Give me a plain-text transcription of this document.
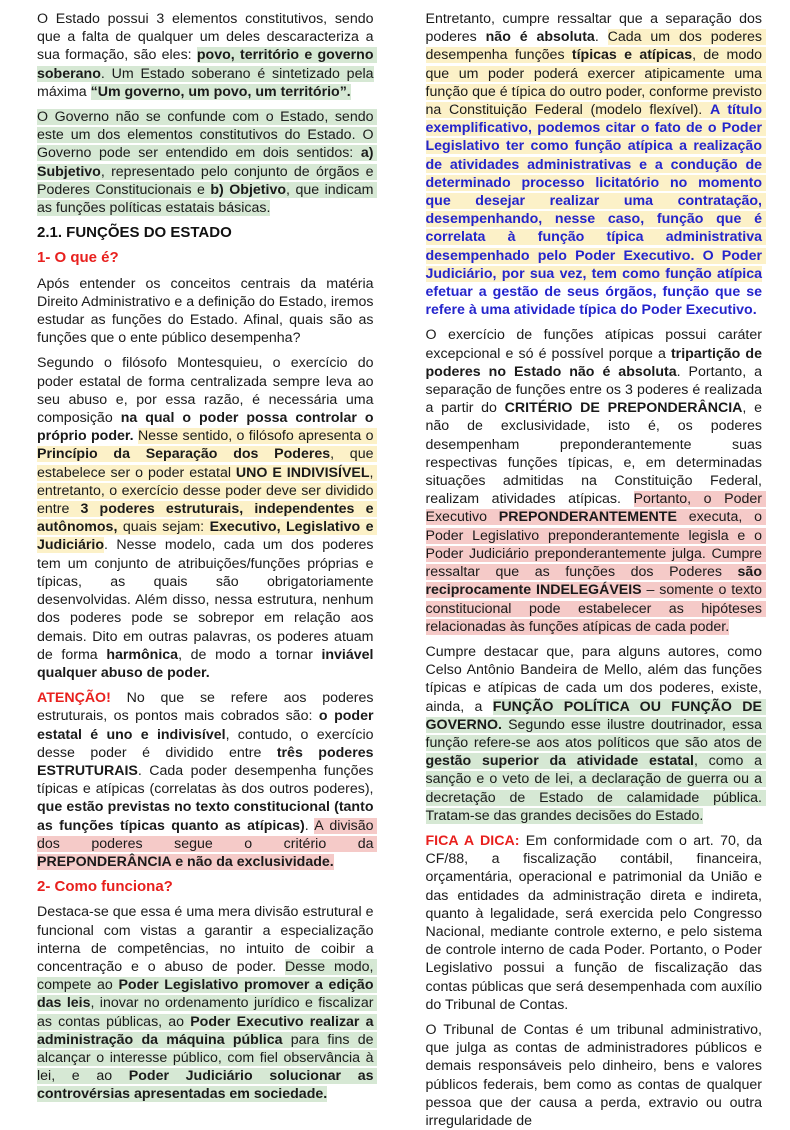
O Estado possui 3 elementos constitutivos, sendo que a falta de qualquer um deles descaracteriza a sua formação, são eles: povo, território e governo soberano. Um Estado soberano é sintetizado pela máxima “Um governo, um povo, um território”.

O Governo não se confunde com o Estado, sendo este um dos elementos constitutivos do Estado. O Governo pode ser entendido em dois sentidos: a) Subjetivo, representado pelo conjunto de órgãos e Poderes Constitucionais e b) Objetivo, que indicam as funções políticas estatais básicas.

2.1. FUNÇÕES DO ESTADO
1- O que é?

Após entender os conceitos centrais da matéria Direito Administrativo e a definição do Estado, iremos estudar as funções do Estado. Afinal, quais são as funções que o ente público desempenha?

Segundo o filósofo Montesquieu, o exercício do poder estatal de forma centralizada sempre leva ao seu abuso e, por essa razão, é necessária uma composição na qual o poder possa controlar o próprio poder. Nesse sentido, o filósofo apresenta o Princípio da Separação dos Poderes, que estabelece ser o poder estatal UNO E INDIVISÍVEL, entretanto, o exercício desse poder deve ser dividido entre 3 poderes estruturais, independentes e autônomos, quais sejam: Executivo, Legislativo e Judiciário. Nesse modelo, cada um dos poderes tem um conjunto de atribuições/funções próprias e típicas, as quais são obrigatoriamente desenvolvidas. Além disso, nessa estrutura, nenhum dos poderes pode se sobrepor em relação aos demais. Dito em outras palavras, os poderes atuam de forma harmônica, de modo a tornar inviável qualquer abuso de poder.

ATENÇÃO! No que se refere aos poderes estruturais, os pontos mais cobrados são: o poder estatal é uno e indivisível, contudo, o exercício desse poder é dividido entre três poderes ESTRUTURAIS. Cada poder desempenha funções típicas e atípicas (correlatas às dos outros poderes), que estão previstas no texto constitucional (tanto as funções típicas quanto as atípicas). A divisão dos poderes segue o critério da PREPONDERÂNCIA e não da exclusividade.

2- Como funciona?

Destaca-se que essa é uma mera divisão estrutural e funcional com vistas a garantir a especialização interna de competências, no intuito de coibir a concentração e o abuso de poder. Desse modo, compete ao Poder Legislativo promover a edição das leis, inovar no ordenamento jurídico e fiscalizar as contas públicas, ao Poder Executivo realizar a administração da máquina pública para fins de alcançar o interesse público, com fiel observância à lei, e ao Poder Judiciário solucionar as controvérsias apresentadas em sociedade.

Entretanto, cumpre ressaltar que a separação dos poderes não é absoluta. Cada um dos poderes desempenha funções típicas e atípicas, de modo que um poder poderá exercer atipicamente uma função que é típica do outro poder, conforme previsto na Constituição Federal (modelo flexível). A título exemplificativo, podemos citar o fato de o Poder Legislativo ter como função atípica a realização de atividades administrativas e a condução de determinado processo licitatório no momento que desejar realizar uma contratação, desempenhando, nesse caso, função que é correlata à função típica administrativa desempenhado pelo Poder Executivo. O Poder Judiciário, por sua vez, tem como função atípica efetuar a gestão de seus órgãos, função que se refere à uma atividade típica do Poder Executivo.

O exercício de funções atípicas possui caráter excepcional e só é possível porque a tripartição de poderes no Estado não é absoluta. Portanto, a separação de funções entre os 3 poderes é realizada a partir do CRITÉRIO DE PREPONDERÂNCIA, e não de exclusividade, isto é, os poderes desempenham preponderantemente suas respectivas funções típicas, e, em determinadas situações admitidas na Constituição Federal, realizam atividades atípicas. Portanto, o Poder Executivo PREPONDERANTEMENTE executa, o Poder Legislativo preponderantemente legisla e o Poder Judiciário preponderantemente julga. Cumpre ressaltar que as funções dos Poderes são reciprocamente INDELEGÁVEIS – somente o texto constitucional pode estabelecer as hipóteses relacionadas às funções atípicas de cada poder.

Cumpre destacar que, para alguns autores, como Celso Antônio Bandeira de Mello, além das funções típicas e atípicas de cada um dos poderes, existe, ainda, a FUNÇÃO POLÍTICA OU FUNÇÃO DE GOVERNO. Segundo esse ilustre doutrinador, essa função refere-se aos atos políticos que são atos de gestão superior da atividade estatal, como a sanção e o veto de lei, a declaração de guerra ou a decretação de Estado de calamidade pública. Tratam-se das grandes decisões do Estado.

FICA A DICA: Em conformidade com o art. 70, da CF/88, a fiscalização contábil, financeira, orçamentária, operacional e patrimonial da União e das entidades da administração direta e indireta, quanto à legalidade, será exercida pelo Congresso Nacional, mediante controle externo, e pelo sistema de controle interno de cada Poder. Portanto, o Poder Legislativo possui a função de fiscalização das contas públicas que será desempenhada com auxílio do Tribunal de Contas.

O Tribunal de Contas é um tribunal administrativo, que julga as contas de administradores públicos e demais responsáveis pelo dinheiro, bens e valores públicos federais, bem como as contas de qualquer pessoa que der causa a perda, extravio ou outra irregularidade de
